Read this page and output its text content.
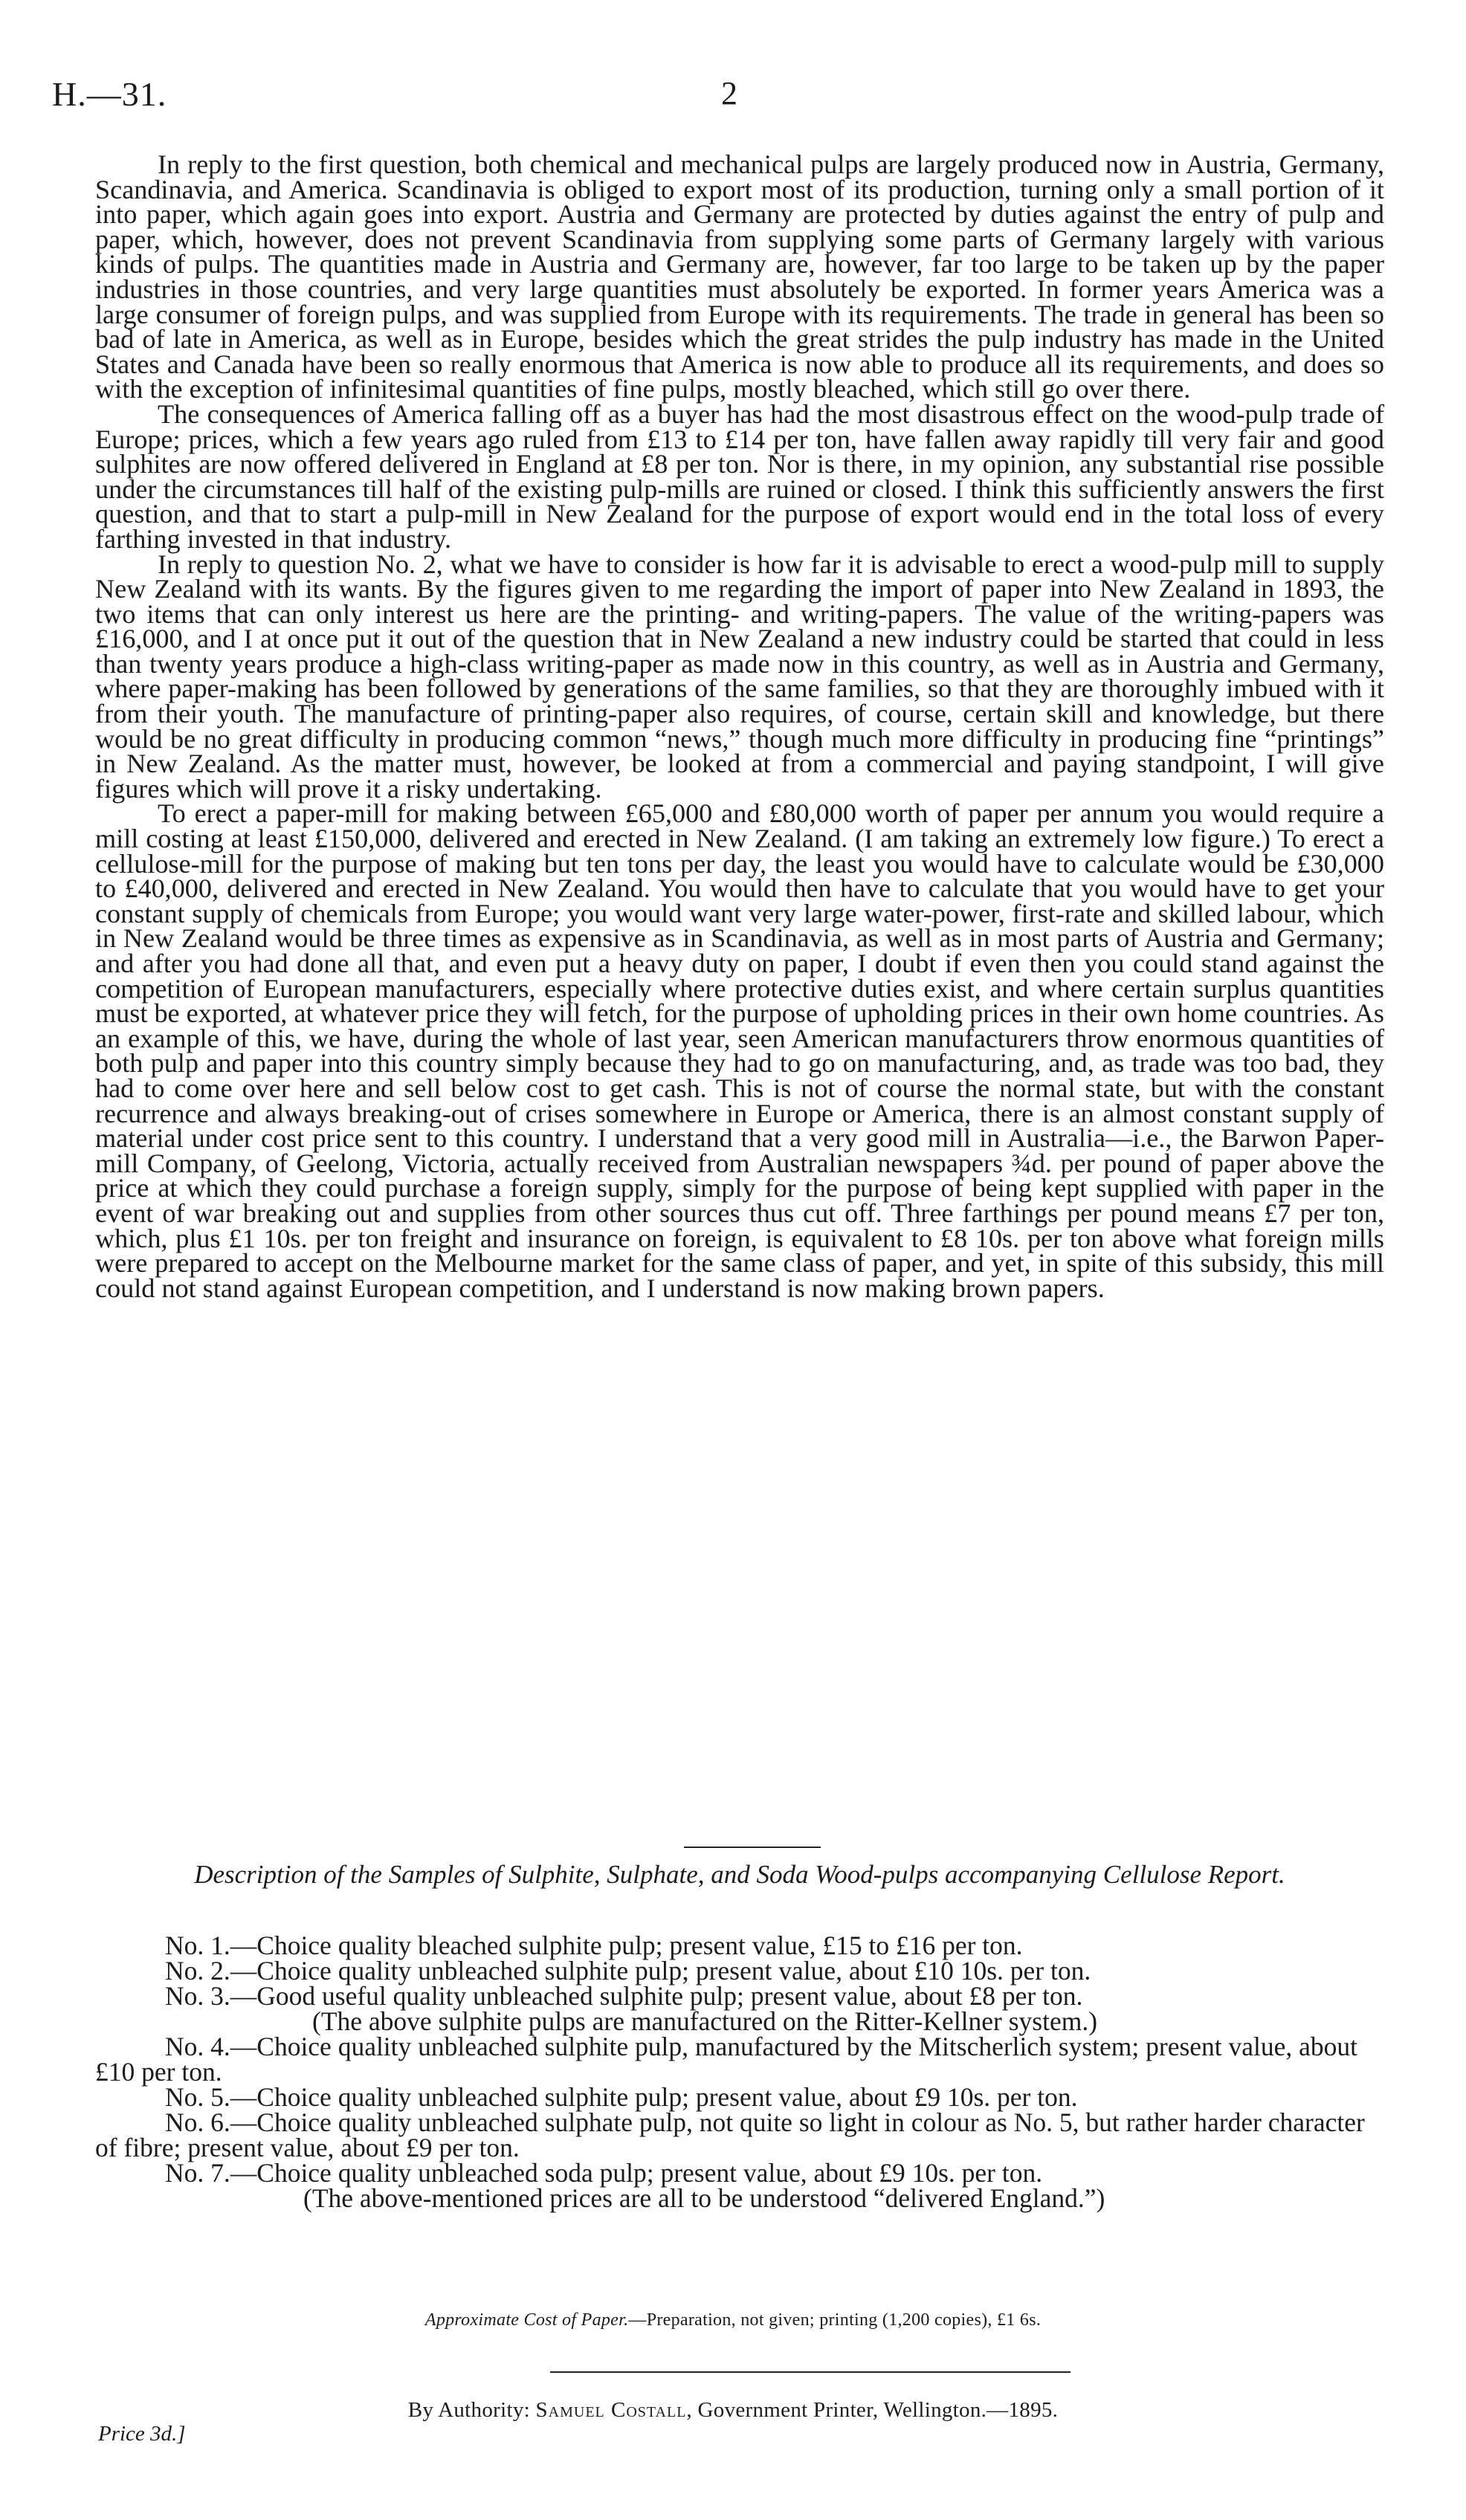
H.—31.	2

In reply to the first question, both chemical and mechanical pulps are largely produced now in Austria, Germany, Scandinavia, and America. Scandinavia is obliged to export most of its production, turning only a small portion of it into paper, which again goes into export. Austria and Germany are protected by duties against the entry of pulp and paper, which, however, does not prevent Scandinavia from supplying some parts of Germany largely with various kinds of pulps. The quantities made in Austria and Germany are, however, far too large to be taken up by the paper industries in those countries, and very large quantities must absolutely be exported. In former years America was a large consumer of foreign pulps, and was supplied from Europe with its requirements. The trade in general has been so bad of late in America, as well as in Europe, besides which the great strides the pulp industry has made in the United States and Canada have been so really enormous that America is now able to produce all its requirements, and does so with the exception of infinitesimal quantities of fine pulps, mostly bleached, which still go over there.

The consequences of America falling off as a buyer has had the most disastrous effect on the wood-pulp trade of Europe; prices, which a few years ago ruled from £13 to £14 per ton, have fallen away rapidly till very fair and good sulphites are now offered delivered in England at £8 per ton. Nor is there, in my opinion, any substantial rise possible under the circumstances till half of the existing pulp-mills are ruined or closed. I think this sufficiently answers the first question, and that to start a pulp-mill in New Zealand for the purpose of export would end in the total loss of every farthing invested in that industry.

In reply to question No. 2, what we have to consider is how far it is advisable to erect a wood-pulp mill to supply New Zealand with its wants. By the figures given to me regarding the import of paper into New Zealand in 1893, the two items that can only interest us here are the printing- and writing-papers. The value of the writing-papers was £16,000, and I at once put it out of the question that in New Zealand a new industry could be started that could in less than twenty years produce a high-class writing-paper as made now in this country, as well as in Austria and Germany, where paper-making has been followed by generations of the same families, so that they are thoroughly imbued with it from their youth. The manufacture of printing-paper also requires, of course, certain skill and knowledge, but there would be no great difficulty in producing common “news,” though much more difficulty in producing fine “printings” in New Zealand. As the matter must, however, be looked at from a commercial and paying standpoint, I will give figures which will prove it a risky undertaking.

To erect a paper-mill for making between £65,000 and £80,000 worth of paper per annum you would require a mill costing at least £150,000, delivered and erected in New Zealand. (I am taking an extremely low figure.) To erect a cellulose-mill for the purpose of making but ten tons per day, the least you would have to calculate would be £30,000 to £40,000, delivered and erected in New Zealand. You would then have to calculate that you would have to get your constant supply of chemicals from Europe; you would want very large water-power, first-rate and skilled labour, which in New Zealand would be three times as expensive as in Scandinavia, as well as in most parts of Austria and Germany; and after you had done all that, and even put a heavy duty on paper, I doubt if even then you could stand against the competition of European manufacturers, especially where protective duties exist, and where certain surplus quantities must be exported, at whatever price they will fetch, for the purpose of upholding prices in their own home countries. As an example of this, we have, during the whole of last year, seen American manufacturers throw enormous quantities of both pulp and paper into this country simply because they had to go on manufacturing, and, as trade was too bad, they had to come over here and sell below cost to get cash. This is not of course the normal state, but with the constant recurrence and always breaking-out of crises somewhere in Europe or America, there is an almost constant supply of material under cost price sent to this country. I understand that a very good mill in Australia—i.e., the Barwon Paper-mill Company, of Geelong, Victoria, actually received from Australian newspapers ¾d. per pound of paper above the price at which they could purchase a foreign supply, simply for the purpose of being kept supplied with paper in the event of war breaking out and supplies from other sources thus cut off. Three farthings per pound means £7 per ton, which, plus £1 10s. per ton freight and insurance on foreign, is equivalent to £8 10s. per ton above what foreign mills were prepared to accept on the Melbourne market for the same class of paper, and yet, in spite of this subsidy, this mill could not stand against European competition, and I understand is now making brown papers.

Description of the Samples of Sulphite, Sulphate, and Soda Wood-pulps accompanying Cellulose Report.

No. 1.—Choice quality bleached sulphite pulp; present value, £15 to £16 per ton.

No. 2.—Choice quality unbleached sulphite pulp; present value, about £10 10s. per ton.

No. 3.—Good useful quality unbleached sulphite pulp; present value, about £8 per ton.

(The above sulphite pulps are manufactured on the Ritter-Kellner system.)

No. 4.—Choice quality unbleached sulphite pulp, manufactured by the Mitscherlich system; present value, about £10 per ton.

No. 5.—Choice quality unbleached sulphite pulp; present value, about £9 10s. per ton.

No. 6.—Choice quality unbleached sulphate pulp, not quite so light in colour as No. 5, but rather harder character of fibre; present value, about £9 per ton.

No. 7.—Choice quality unbleached soda pulp; present value, about £9 10s. per ton.

(The above-mentioned prices are all to be understood “delivered England.”)

Approximate Cost of Paper.—Preparation, not given; printing (1,200 copies), £1 6s.
By Authority: Samuel Costall, Government Printer, Wellington.—1895.
Price 3d.]
